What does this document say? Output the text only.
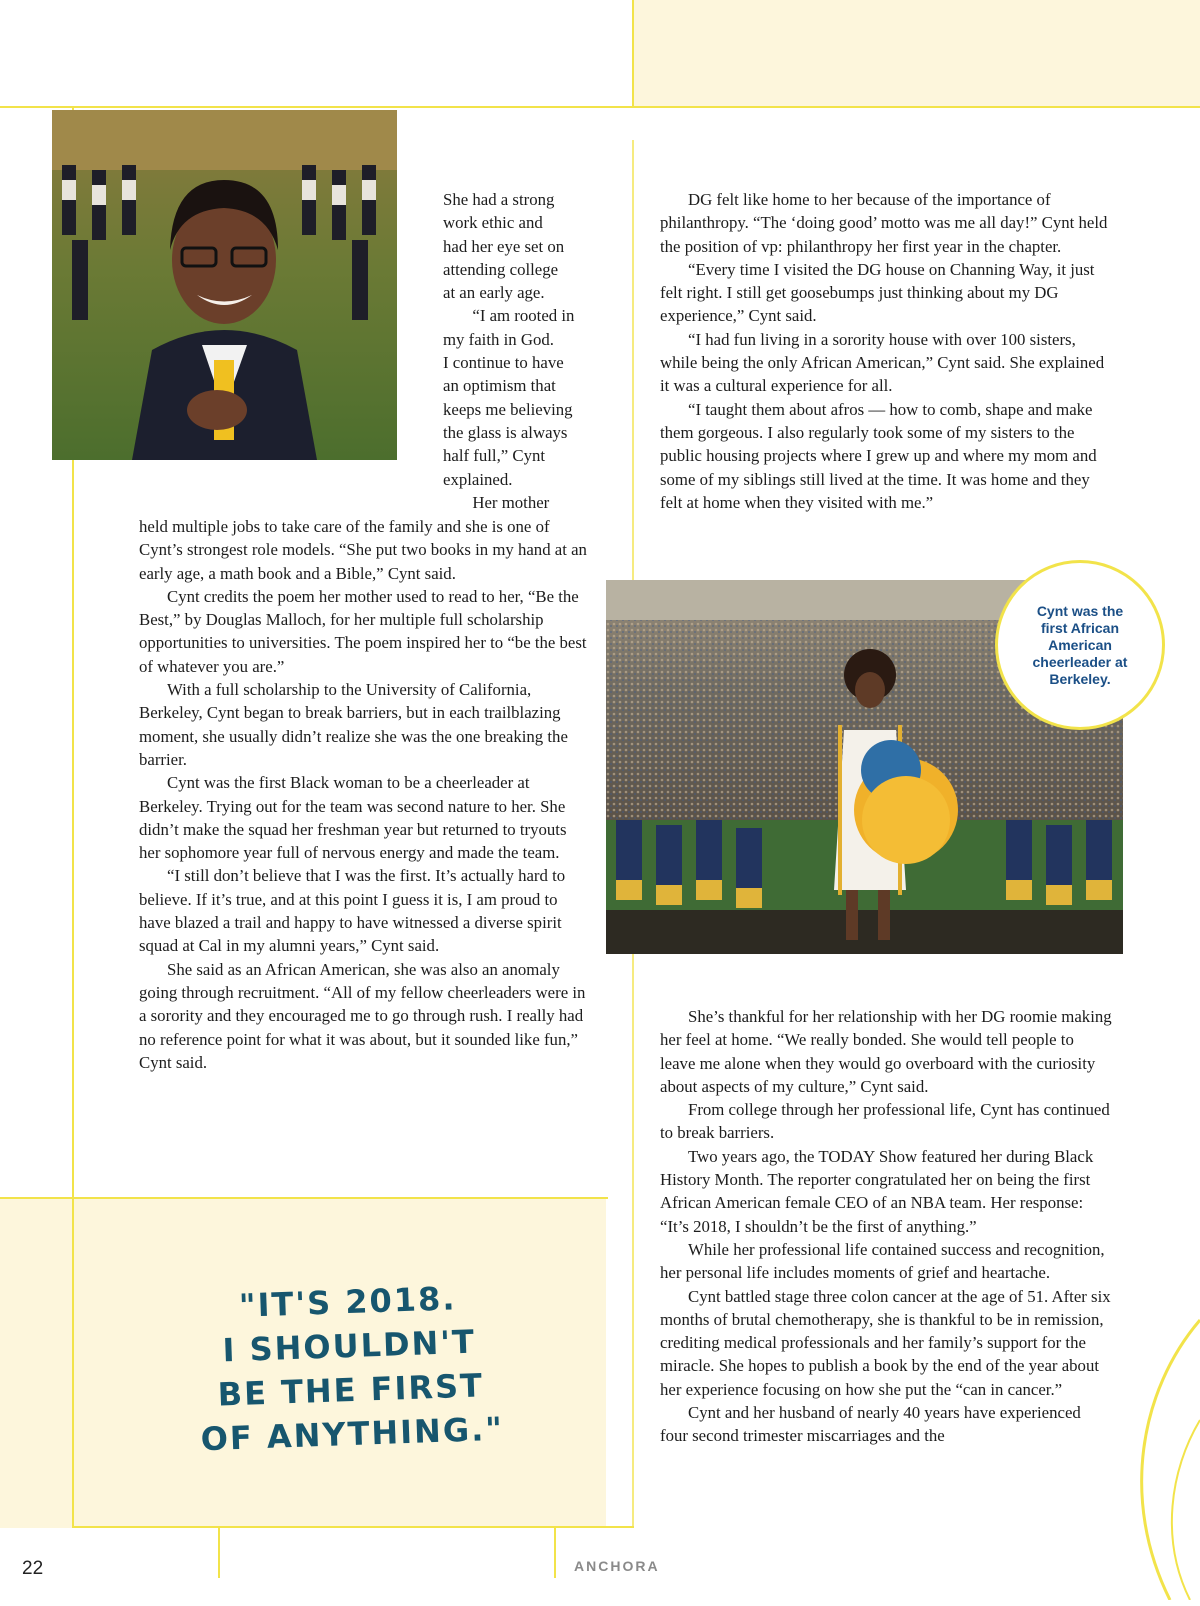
She had a strong

work ethic and

had her eye set on

attending college

at an early age.

“I am rooted in

my faith in God.

I continue to have

an optimism that

keeps me believing

the glass is always

half full,” Cynt

explained.

Her mother

held multiple jobs to take care of the family and she is one of Cynt’s strongest role models. “She put two books in my hand at an early age, a math book and a Bible,” Cynt said.

Cynt credits the poem her mother used to read to her, “Be the Best,” by Douglas Malloch, for her multiple full scholarship opportunities to universities. The poem inspired her to “be the best of whatever you are.”

With a full scholarship to the University of California, Berkeley, Cynt began to break barriers, but in each trailblazing moment, she usually didn’t realize she was the one breaking the barrier.

Cynt was the first Black woman to be a cheerleader at Berkeley. Trying out for the team was second nature to her. She didn’t make the squad her freshman year but returned to tryouts her sophomore year full of nervous energy and made the team.

“I still don’t believe that I was the first. It’s actually hard to believe. If it’s true, and at this point I guess it is, I am proud to have blazed a trail and happy to have witnessed a diverse spirit squad at Cal in my alumni years,” Cynt said.

She said as an African American, she was also an anomaly going through recruitment. “All of my fellow cheerleaders were in a sorority and they encouraged me to go through rush. I really had no reference point for what it was about, but it sounded like fun,” Cynt said.

DG felt like home to her because of the importance of philanthropy. “The ‘doing good’ motto was me all day!” Cynt held the position of vp: philanthropy her first year in the chapter.

“Every time I visited the DG house on Channing Way, it just felt right. I still get goosebumps just thinking about my DG experience,” Cynt said.

“I had fun living in a sorority house with over 100 sisters, while being the only African American,” Cynt said. She explained it was a cultural experience for all.

“I taught them about afros — how to comb, shape and make them gorgeous. I also regularly took some of my sisters to the public housing projects where I grew up and where my mom and some of my siblings still lived at the time. It was home and they felt at home when they visited with me.”

Cynt was the first African American cheerleader at Berkeley.

She’s thankful for her relationship with her DG roomie making her feel at home. “We really bonded. She would tell people to leave me alone when they would go overboard with the curiosity about aspects of my culture,” Cynt said.

From college through her professional life, Cynt has continued to break barriers.

Two years ago, the TODAY Show featured her during Black History Month. The reporter congratulated her on being the first African American female CEO of an NBA team. Her response: “It’s 2018, I shouldn’t be the first of anything.”

While her professional life contained success and recognition, her personal life includes moments of grief and heartache.

Cynt battled stage three colon cancer at the age of 51. After six months of brutal chemotherapy, she is thankful to be in remission, crediting medical professionals and her family’s support for the miracle. She hopes to publish a book by the end of the year about her experience focusing on how she put the “can in cancer.”

Cynt and her husband of nearly 40 years have experienced four second trimester miscarriages and the

"IT'S 2018.
I SHOULDN'T
BE THE FIRST
OF ANYTHING."
22	ANCHORA
